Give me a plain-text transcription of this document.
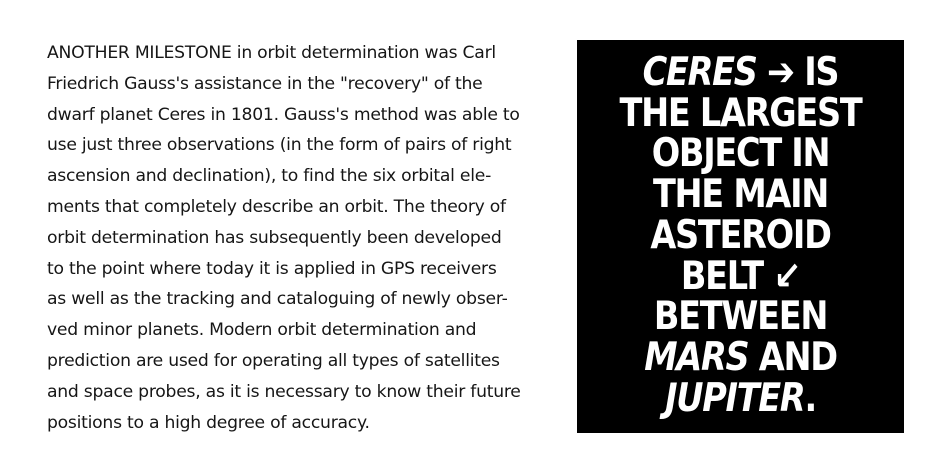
ANOTHER MILESTONE in orbit determination was Carl
Friedrich Gauss's assistance in the "recovery" of the
dwarf planet Ceres in 1801. Gauss's method was able to
use just three observations (in the form of pairs of right
ascension and declination), to find the six orbital ele-
ments that completely describe an orbit. The theory of
orbit determination has subsequently been developed
to the point where today it is applied in GPS receivers
as well as the tracking and cataloguing of newly obser-
ved minor planets. Modern orbit determination and
prediction are used for operating all types of satellites
and space probes, as it is necessary to know their future
positions to a high degree of accuracy.
CERES ➔ IS
THE LARGEST
OBJECT IN
THE MAIN
ASTEROID
BELT ↙
BETWEEN
MARS AND
JUPITER.
